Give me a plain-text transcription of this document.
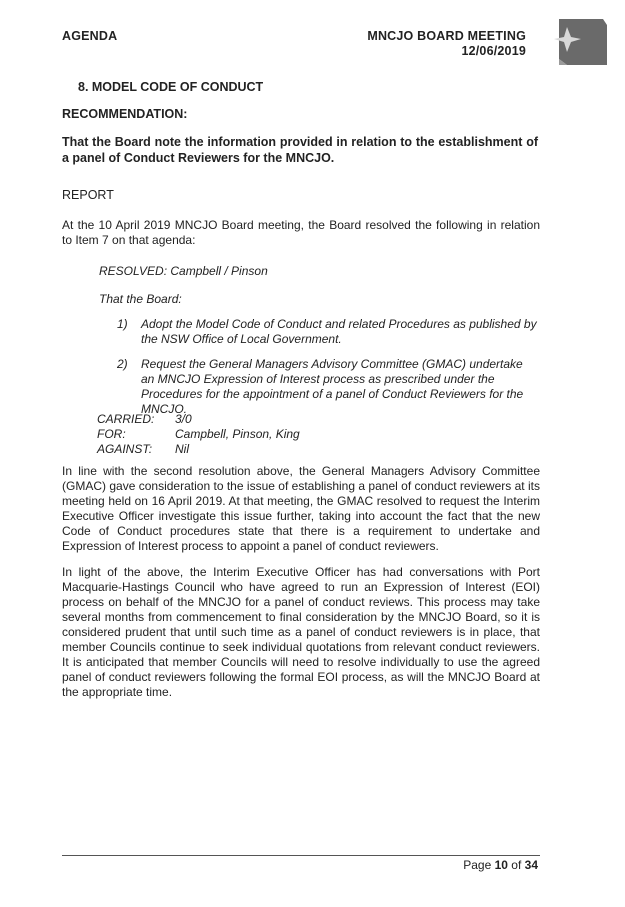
AGENDA	MNCJO BOARD MEETING
12/06/2019
8. MODEL CODE OF CONDUCT
RECOMMENDATION:
That the Board note the information provided in relation to the establishment of a panel of Conduct Reviewers for the MNCJO.
REPORT
At the 10 April 2019 MNCJO Board meeting, the Board resolved the following in relation to Item 7 on that agenda:
RESOLVED: Campbell / Pinson
That the Board:
1) Adopt the Model Code of Conduct and related Procedures as published by the NSW Office of Local Government.
2) Request the General Managers Advisory Committee (GMAC) undertake an MNCJO Expression of Interest process as prescribed under the Procedures for the appointment of a panel of Conduct Reviewers for the MNCJO.
CARRIED:	3/0
FOR:	Campbell, Pinson, King
AGAINST:	Nil
In line with the second resolution above, the General Managers Advisory Committee (GMAC) gave consideration to the issue of establishing a panel of conduct reviewers at its meeting held on 16 April 2019. At that meeting, the GMAC resolved to request the Interim Executive Officer investigate this issue further, taking into account the fact that the new Code of Conduct procedures state that there is a requirement to undertake and Expression of Interest process to appoint a panel of conduct reviewers.
In light of the above, the Interim Executive Officer has had conversations with Port Macquarie-Hastings Council who have agreed to run an Expression of Interest (EOI) process on behalf of the MNCJO for a panel of conduct reviews. This process may take several months from commencement to final consideration by the MNCJO Board, so it is considered prudent that until such time as a panel of conduct reviewers is in place, that member Councils continue to seek individual quotations from relevant conduct reviewers. It is anticipated that member Councils will need to resolve individually to use the agreed panel of conduct reviewers following the formal EOI process, as will the MNCJO Board at the appropriate time.
Page 10 of 34
